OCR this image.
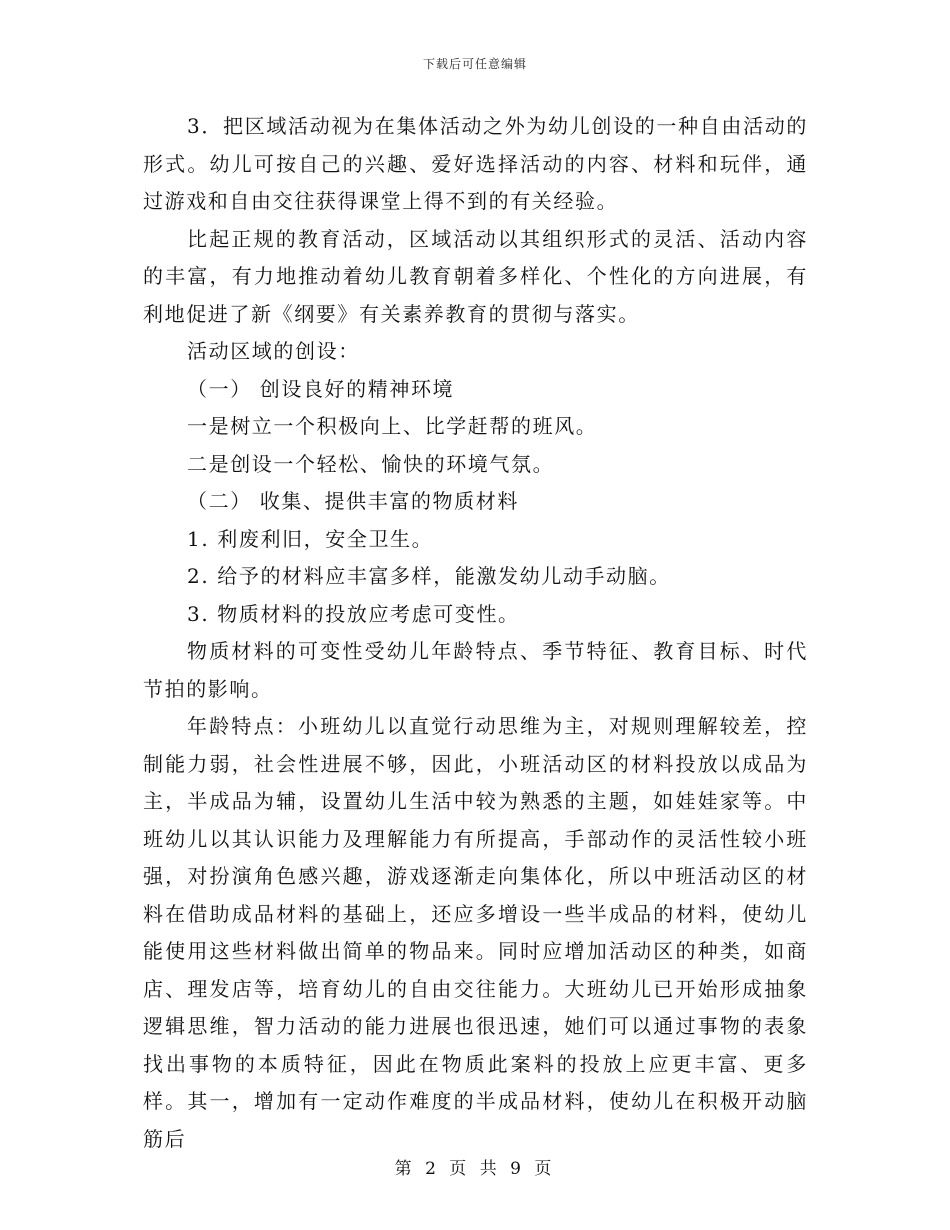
下载后可任意编辑

3．把区域活动视为在集体活动之外为幼儿创设的一种自由活动的形式。幼儿可按自己的兴趣、爱好选择活动的内容、材料和玩伴，通过游戏和自由交往获得课堂上得不到的有关经验。

比起正规的教育活动，区域活动以其组织形式的灵活、活动内容的丰富，有力地推动着幼儿教育朝着多样化、个性化的方向进展，有利地促进了新《纲要》有关素养教育的贯彻与落实。

活动区域的创设：

（一） 创设良好的精神环境

一是树立一个积极向上、比学赶帮的班风。

二是创设一个轻松、愉快的环境气氛。

（二） 收集、提供丰富的物质材料

1. 利废利旧，安全卫生。

2. 给予的材料应丰富多样，能激发幼儿动手动脑。

3. 物质材料的投放应考虑可变性。

物质材料的可变性受幼儿年龄特点、季节特征、教育目标、时代节拍的影响。

年龄特点：小班幼儿以直觉行动思维为主，对规则理解较差，控制能力弱，社会性进展不够，因此，小班活动区的材料投放以成品为主，半成品为辅，设置幼儿生活中较为熟悉的主题，如娃娃家等。中班幼儿以其认识能力及理解能力有所提高，手部动作的灵活性较小班强，对扮演角色感兴趣，游戏逐渐走向集体化，所以中班活动区的材料在借助成品材料的基础上，还应多增设一些半成品的材料，使幼儿能使用这些材料做出简单的物品来。同时应增加活动区的种类，如商店、理发店等，培育幼儿的自由交往能力。大班幼儿已开始形成抽象逻辑思维，智力活动的能力进展也很迅速，她们可以通过事物的表象找出事物的本质特征，因此在物质此案料的投放上应更丰富、更多样。其一，增加有一定动作难度的半成品材料，使幼儿在积极开动脑筋后

第 2 页 共 9 页
